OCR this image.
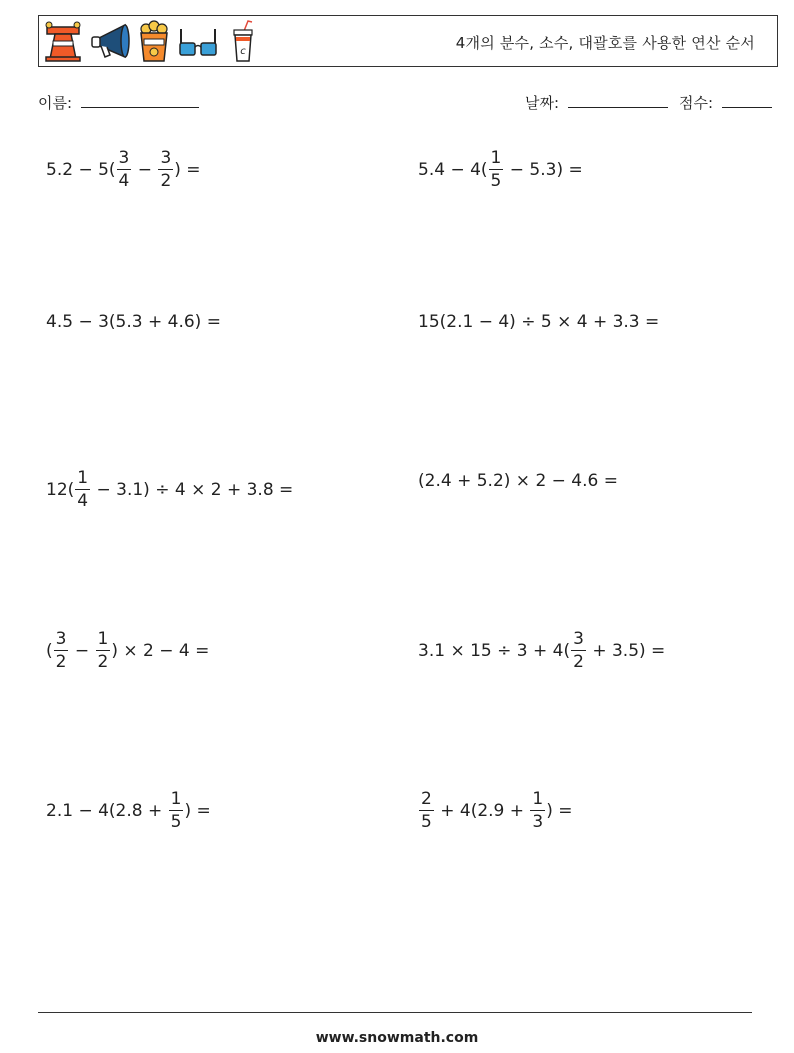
c	4개의 분수, 소수, 대괄호를 사용한 연산 순서
이름:	날짜:	점수:
$5.2 - 5( \frac{3}{4} - \frac{3}{2}$ ) =	$5.4 - 4( \frac{1}{5} - 5.3)$ =
4.5 − 3(5.3 + 4.6) =	15(2.1 − 4) ÷ 5 × 4 + 3.3 =
$12( \frac{1}{4} - 3.1) \div 4 \times 2 + 3.8$ =	(2.4 + 5.2) × 2 − 4.6 =
( $\frac{3}{2} - \frac{1}{2}$ ) × 2 − 4 =	$3.1 \times 15 \div 3 + 4( \frac{3}{2} + 3.5)$ =
$2.1 - 4(2.8 + \frac{1}{5}$ ) =	$\frac{2}{5} + 4(2.9 + \frac{1}{3}$ ) =
www.snowmath.com
